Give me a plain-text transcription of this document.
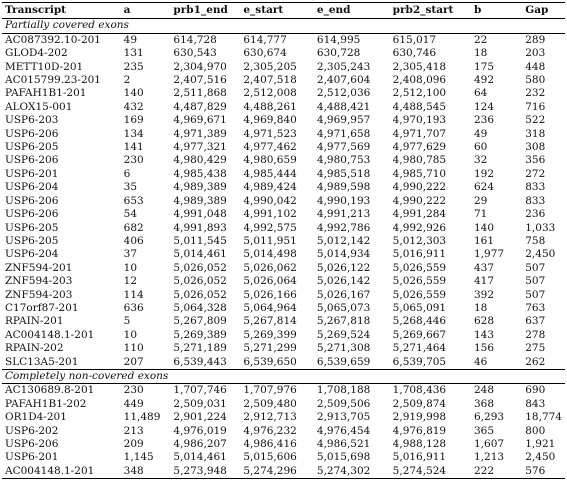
Transcript	a	prb1_end	e_start	e_end	prb2_start	b	Gap
Partially covered exons							
AC087392.10-201	49	614,728	614,777	614,995	615,017	22	289
GLOD4-202	131	630,543	630,674	630,728	630,746	18	203
METT10D-201	235	2,304,970	2,305,205	2,305,243	2,305,418	175	448
AC015799.23-201	2	2,407,516	2,407,518	2,407,604	2,408,096	492	580
PAFAH1B1-201	140	2,511,868	2,512,008	2,512,036	2,512,100	64	232
ALOX15-001	432	4,487,829	4,488,261	4,488,421	4,488,545	124	716
USP6-203	169	4,969,671	4,969,840	4,969,957	4,970,193	236	522
USP6-206	134	4,971,389	4,971,523	4,971,658	4,971,707	49	318
USP6-205	141	4,977,321	4,977,462	4,977,569	4,977,629	60	308
USP6-206	230	4,980,429	4,980,659	4,980,753	4,980,785	32	356
USP6-201	6	4,985,438	4,985,444	4,985,518	4,985,710	192	272
USP6-204	35	4,989,389	4,989,424	4,989,598	4,990,222	624	833
USP6-206	653	4,989,389	4,990,042	4,990,193	4,990,222	29	833
USP6-206	54	4,991,048	4,991,102	4,991,213	4,991,284	71	236
USP6-205	682	4,991,893	4,992,575	4,992,786	4,992,926	140	1,033
USP6-205	406	5,011,545	5,011,951	5,012,142	5,012,303	161	758
USP6-204	37	5,014,461	5,014,498	5,014,934	5,016,911	1,977	2,450
ZNF594-201	10	5,026,052	5,026,062	5,026,122	5,026,559	437	507
ZNF594-203	12	5,026,052	5,026,064	5,026,142	5,026,559	417	507
ZNF594-203	114	5,026,052	5,026,166	5,026,167	5,026,559	392	507
C17orf87-201	636	5,064,328	5,064,964	5,065,073	5,065,091	18	763
RPAIN-201	5	5,267,809	5,267,814	5,267,818	5,268,446	628	637
AC004148.1-201	10	5,269,389	5,269,399	5,269,524	5,269,667	143	278
RPAIN-202	110	5,271,189	5,271,299	5,271,308	5,271,464	156	275
SLC13A5-201	207	6,539,443	6,539,650	6,539,659	6,539,705	46	262
Completely non-covered exons							
AC130689.8-201	230	1,707,746	1,707,976	1,708,188	1,708,436	248	690
PAFAH1B1-202	449	2,509,031	2,509,480	2,509,506	2,509,874	368	843
OR1D4-201	11,489	2,901,224	2,912,713	2,913,705	2,919,998	6,293	18,774
USP6-202	213	4,976,019	4,976,232	4,976,454	4,976,819	365	800
USP6-206	209	4,986,207	4,986,416	4,986,521	4,988,128	1,607	1,921
USP6-201	1,145	5,014,461	5,015,606	5,015,698	5,016,911	1,213	2,450
AC004148.1-201	348	5,273,948	5,274,296	5,274,302	5,274,524	222	576
